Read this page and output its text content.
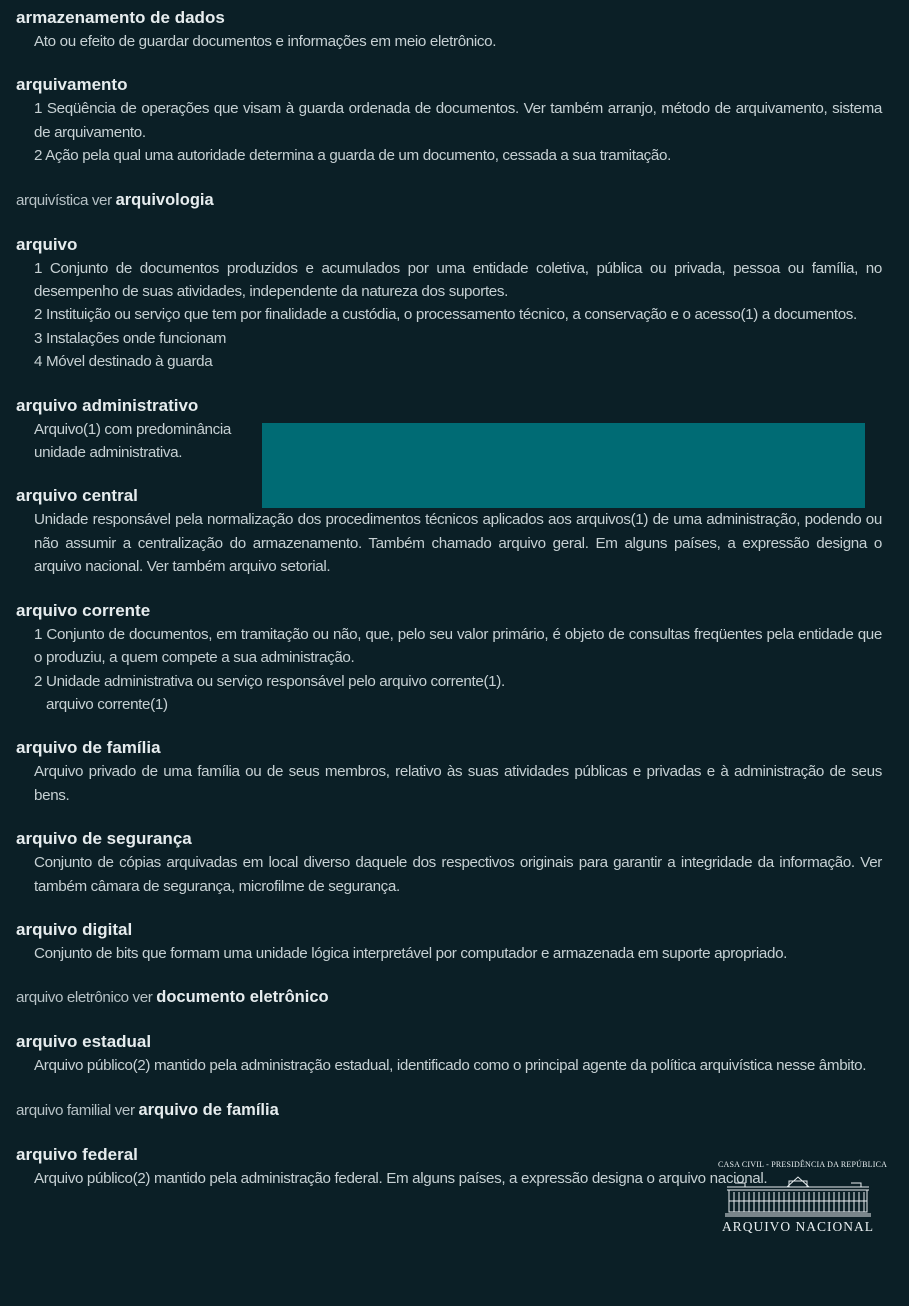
armazenamento de dados
Ato ou efeito de guardar documentos e informações em meio eletrônico.
arquivamento
1 Seqüência de operações que visam à guarda ordenada de documentos. Ver também arranjo, método de arquivamento, sistema de arquivamento.
2 Ação pela qual uma autoridade determina a guarda de um documento, cessada a sua tramitação.
arquivística ver arquivologia
arquivo
1 Conjunto de documentos produzidos e acumulados por uma entidade coletiva, pública ou privada, pessoa ou família, no desempenho de suas atividades, independente da natureza dos suportes.
2 Instituição ou serviço que tem por finalidade a custódia, o processamento técnico, a conservação e o acesso(1) a documentos.
3 Instalações onde funcionam
4 Móvel destinado à guarda
arquivo administrativo
Arquivo(1) com predominância
unidade administrativa.
arquivo central
Unidade responsável pela normalização dos procedimentos técnicos aplicados aos arquivos(1) de uma administração, podendo ou não assumir a centralização do armazenamento. Também chamado arquivo geral. Em alguns países, a expressão designa o arquivo nacional. Ver também arquivo setorial.
arquivo corrente
1 Conjunto de documentos, em tramitação ou não, que, pelo seu valor primário, é objeto de consultas freqüentes pela entidade que o produziu, a quem compete a sua administração.
2 Unidade administrativa ou serviço responsável pelo arquivo corrente(1).
arquivo corrente(1)
arquivo de família
Arquivo privado de uma família ou de seus membros, relativo às suas atividades públicas e privadas e à administração de seus bens.
arquivo de segurança
Conjunto de cópias arquivadas em local diverso daquele dos respectivos originais para garantir a integridade da informação. Ver também câmara de segurança, microfilme de segurança.
arquivo digital
Conjunto de bits que formam uma unidade lógica interpretável por computador e armazenada em suporte apropriado.
arquivo eletrônico ver documento eletrônico
arquivo estadual
Arquivo público(2) mantido pela administração estadual, identificado como o principal agente da política arquivística nesse âmbito.
arquivo familial ver arquivo de família
arquivo federal
Arquivo público(2) mantido pela administração federal. Em alguns países, a expressão designa o arquivo nacional.
CASA CIVIL - PRESIDÊNCIA DA REPÚBLICA
ARQUIVO NACIONAL
